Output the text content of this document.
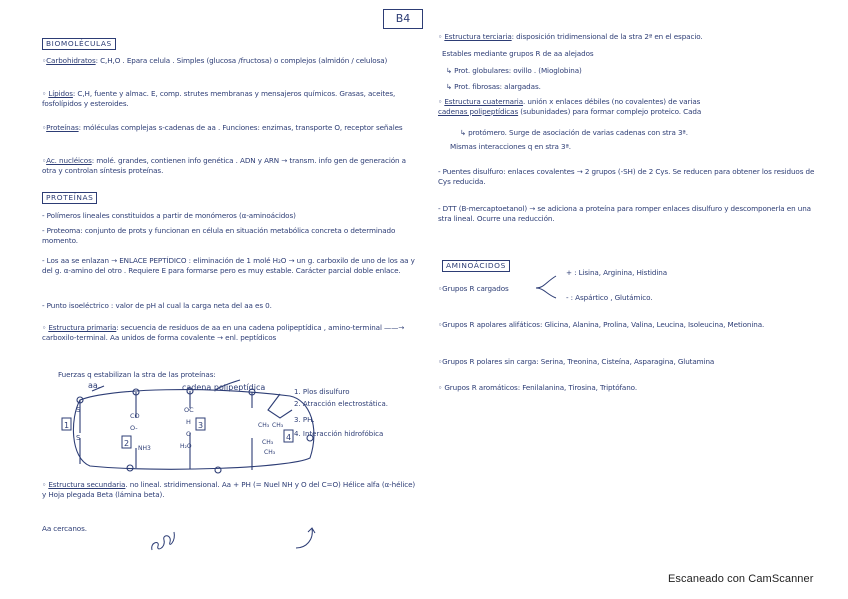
B4
BIOMOLÉCULAS
◦Carbohidratos: C,H,O . Epara celula . Simples (glucosa /fructosa) o complejos (almidón / celulosa)
◦ Lípidos: C,H, fuente y almac. E, comp. strutes membranas y mensajeros químicos. Grasas, aceites, fosfolípidos y esteroides.
◦Proteínas: móléculas complejas s-cadenas de aa . Funciones: enzimas, transporte O, receptor señales
◦Ac. nucléicos: molé. grandes, contienen info genética . ADN y ARN → transm. info gen de generación a otra y controlan síntesis proteínas.
PROTEÍNAS
- Polímeros lineales constituidos a partir de monómeros (α-aminoácidos)
- Proteoma: conjunto de prots y funcionan en célula en situación metabólica concreta o determinado momento.
- Los aa se enlazan → ENLACE PEPTÍDICO : eliminación de 1 molé H₂O → un g. carboxilo de uno de los aa y del g. α-amino del otro . Requiere E para formarse pero es muy estable. Carácter parcial doble enlace.
- Punto isoeléctrico : valor de pH al cual la carga neta del aa es 0.
◦ Estructura primaria: secuencia de residuos de aa en una cadena polipeptídica , amino-terminal ——→ carboxilo-terminal. Aa unidos de forma covalente → enl. peptídicos
Fuerzas q estabilizan la stra de las proteínas:
aa.	cadena polipeptídica
S
S
CO
O-
NH3
OC
H
O
H₂O
CH₃ CH₃
CH₃
CH₃
1
2
3
4
1. Plos disulfuro
2. Atracción electrostática.
3. PH.
4. Interacción hidrofóbica
◦ Estructura secundaria. no lineal. stridimensional. Aa + PH (= Nuel NH y O del C=O) Hélice alfa (α-hélice) y Hoja plegada Beta (lámina beta).
Aa cercanos.
◦ Estructura terciaria: disposición tridimensional de la stra 2ª en el espacio.
Estables mediante grupos R de aa alejados
↳ Prot. globulares: ovillo . (Mioglobina)
↳ Prot. fibrosas: alargadas.
◦ Estructura cuaternaria. unión x enlaces débiles (no covalentes) de varias
cadenas polipeptídicas (subunidades) para formar complejo proteico. Cada
↳ protómero. Surge de asociación de varias cadenas con stra 3ª.
Mismas interacciones q en stra 3ª.
- Puentes disulfuro: enlaces covalentes → 2 grupos (-SH) de 2 Cys. Se reducen para obtener los residuos de Cys reducida.
- DTT (B-mercaptoetanol) → se adiciona a proteína para romper enlaces disulfuro y descomponerla en una stra lineal. Ocurre una reducción.
AMINOÁCIDOS
◦Grupos R cargados
+ : Lisina, Arginina, Histidina
- : Aspártico , Glutámico.
◦Grupos R apolares alifáticos: Glicina, Alanina, Prolina, Valina, Leucina, Isoleucina, Metionina.
◦Grupos R polares sin carga: Serina, Treonina, Cisteína, Asparagina, Glutamina
◦ Grupos R aromáticos: Fenilalanina, Tirosina, Triptófano.
Escaneado con CamScanner
